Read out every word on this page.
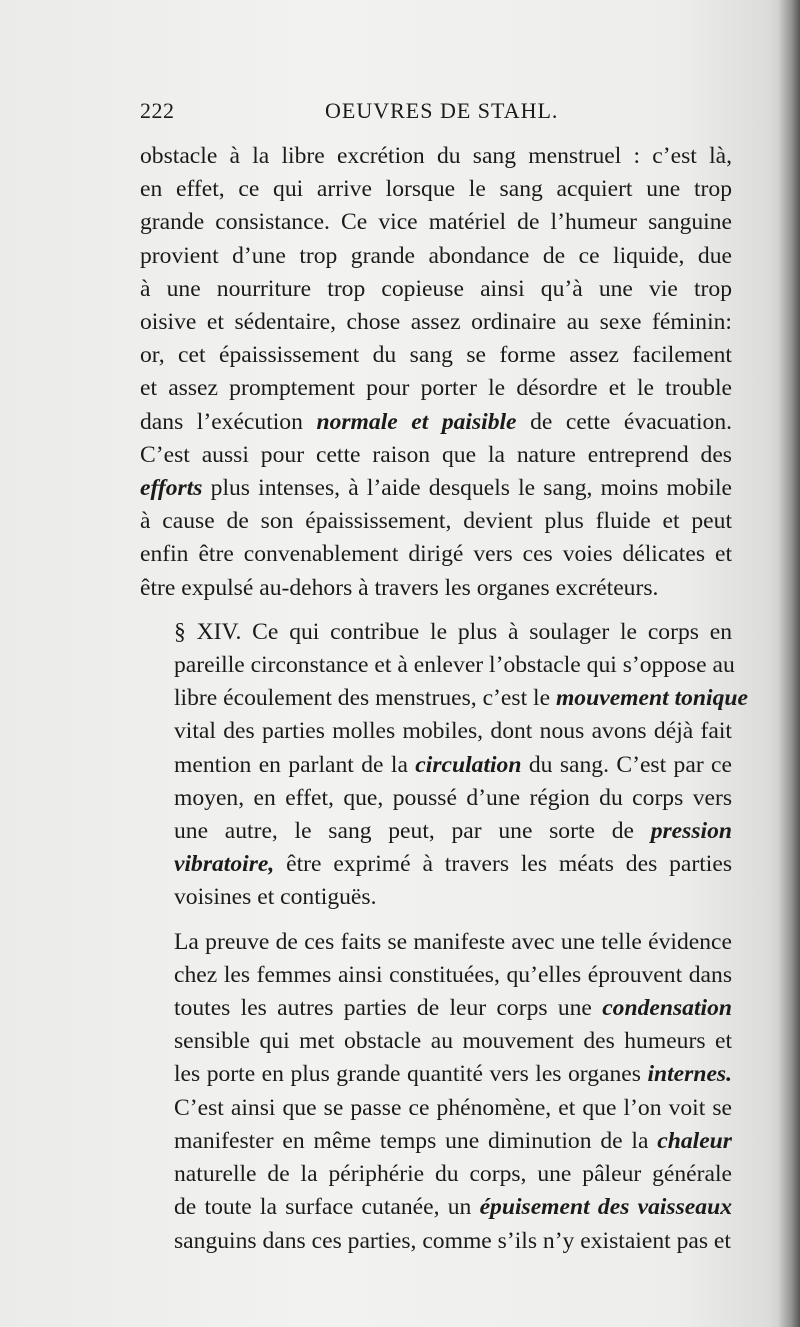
222	OEUVRES DE STAHL.

obstacle à la libre excrétion du sang menstruel : c’est là,
en effet, ce qui arrive lorsque le sang acquiert une trop
grande consistance. Ce vice matériel de l’humeur sanguine
provient d’une trop grande abondance de ce liquide, due
à une nourriture trop copieuse ainsi qu’à une vie trop
oisive et sédentaire, chose assez ordinaire au sexe féminin:
or, cet épaississement du sang se forme assez facilement
et assez promptement pour porter le désordre et le trouble
dans l’exécution normale et paisible de cette évacuation.
C’est aussi pour cette raison que la nature entreprend des
efforts plus intenses, à l’aide desquels le sang, moins mobile
à cause de son épaississement, devient plus fluide et peut
enfin être convenablement dirigé vers ces voies délicates et
être expulsé au-dehors à travers les organes excréteurs.

§ XIV. Ce qui contribue le plus à soulager le corps en
pareille circonstance et à enlever l’obstacle qui s’oppose au
libre écoulement des menstrues, c’est le mouvement tonique
vital des parties molles mobiles, dont nous avons déjà fait
mention en parlant de la circulation du sang. C’est par ce
moyen, en effet, que, poussé d’une région du corps vers
une autre, le sang peut, par une sorte de pression
vibratoire, être exprimé à travers les méats des parties
voisines et contiguës.

La preuve de ces faits se manifeste avec une telle évidence
chez les femmes ainsi constituées, qu’elles éprouvent dans
toutes les autres parties de leur corps une condensation
sensible qui met obstacle au mouvement des humeurs et
les porte en plus grande quantité vers les organes internes.
C’est ainsi que se passe ce phénomène, et que l’on voit se
manifester en même temps une diminution de la chaleur
naturelle de la périphérie du corps, une pâleur générale
de toute la surface cutanée, un épuisement des vaisseaux
sanguins dans ces parties, comme s’ils n’y existaient pas et
